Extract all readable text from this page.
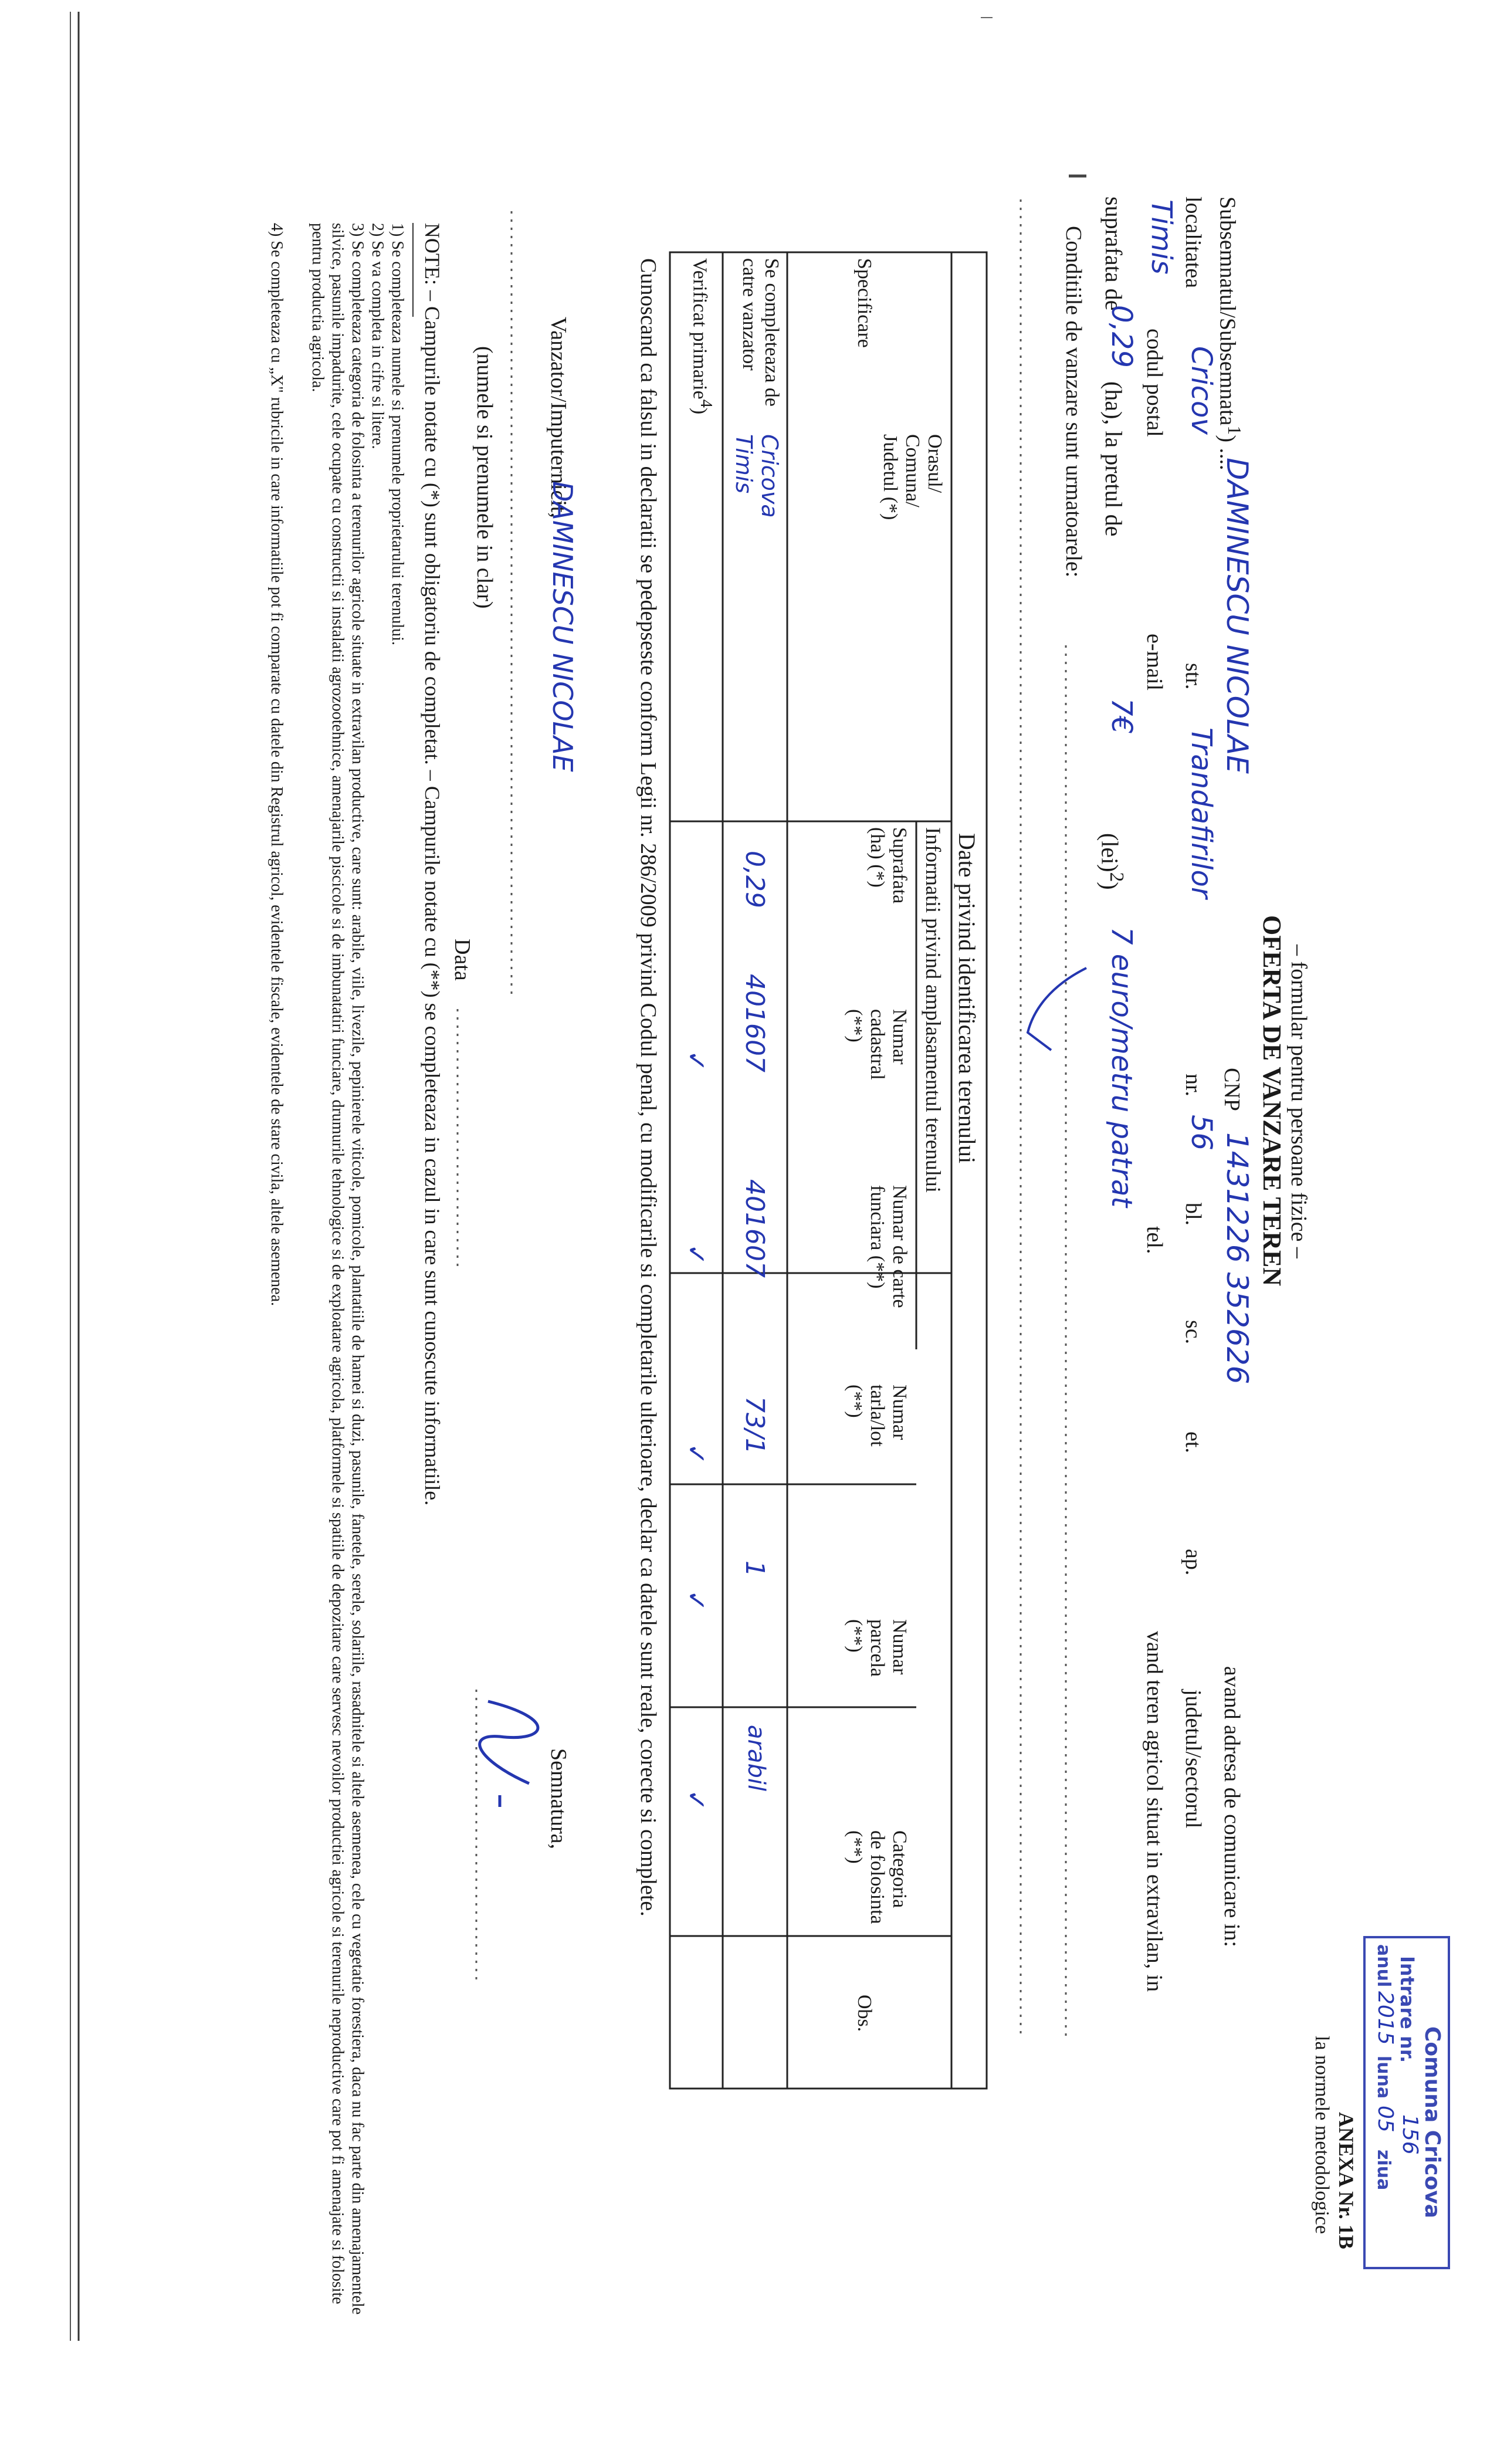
Comuna Cricova
Intrare nr.
156
anul
2015
luna
05
ziua
ANEXA Nr. 1B
la normele metodologice
– formular pentru persoane fizice –
OFERTA DE VANZARE TEREN
Subsemnatul/Subsemnata$^1$) ....
DAMINESCU NICOLAE
CNP
1431226 352626
avand adresa de comunicare in:
localitatea
Cricov
str.
Trandafirilor
nr.
56
bl.
sc.
et.
ap.
judetul/sectorul
Timis
codul postal
e-mail
tel.
vand teren agricol situat in extravilan, in
suprafata de
0,29
(ha), la pretul de
7€
(lei)$^2$)
7 euro/metru patrat
Conditiile de vanzare sunt urmatoarele:
Date privind identificarea terenului
Informatii privind amplasamentul terenului
Specificare
Se completeaza de catre vanzator
Verificat primarie$^4$)
Orasul/ Comuna/ Judetul (*)
Suprafata (ha) (*)
Numar cadastral (**)
Numar de carte funciara (**)
Numar tarla/lot (**)
Numar parcela (**)
Categoria de folosinta (**)
Obs.
Cricova Timis
0,29
401607
401607
73/1
1
arabil
✓
✓
✓
✓
✓
Cunoscand ca falsul in declaratii se pedepseste conform Legii nr. 286/2009 privind Codul penal, cu modificarile si completarile ulterioare, declar ca datele sunt reale, corecte si complete.
Vanzator/Imputernicit,
DAMINESCU NICOLAE
Semnatura,
(numele si prenumele in clar)
Data
NOTE: – Campurile notate cu (*) sunt obligatoriu de completat. – Campurile notate cu (**) se completeaza in cazul in care sunt cunoscute informatiile.
1) Se completeaza numele si prenumele proprietarului terenului.
2) Se va completa in cifre si litere.
3) Se completeaza categoria de folosinta a terenurilor agricole situate in extravilan productive, care sunt: arabile, viile, livezile, pepinierele viticole, pomicole, plantatiile de hamei si duzi, pasunile, fanetele, serele, solariile, rasadnitele si altele asemenea, cele cu vegetatie forestiera, daca nu fac parte din amenajamentele silvice, pasunile impadurite, cele ocupate cu constructii si instalatii agrozootehnice, amenajarile piscicole si de imbunatatiri funciare, drumurile tehnologice si de exploatare agricola, platformele si spatiile de depozitare care servesc nevoilor productiei agricole si terenurile neproductive care pot fi amenajate si folosite pentru productia agricola.
4) Se completeaza cu „X" rubricile in care informatiile pot fi comparate cu datele din Registrul agricol, evidentele fiscale, evidentele de stare civila, altele asemenea.
